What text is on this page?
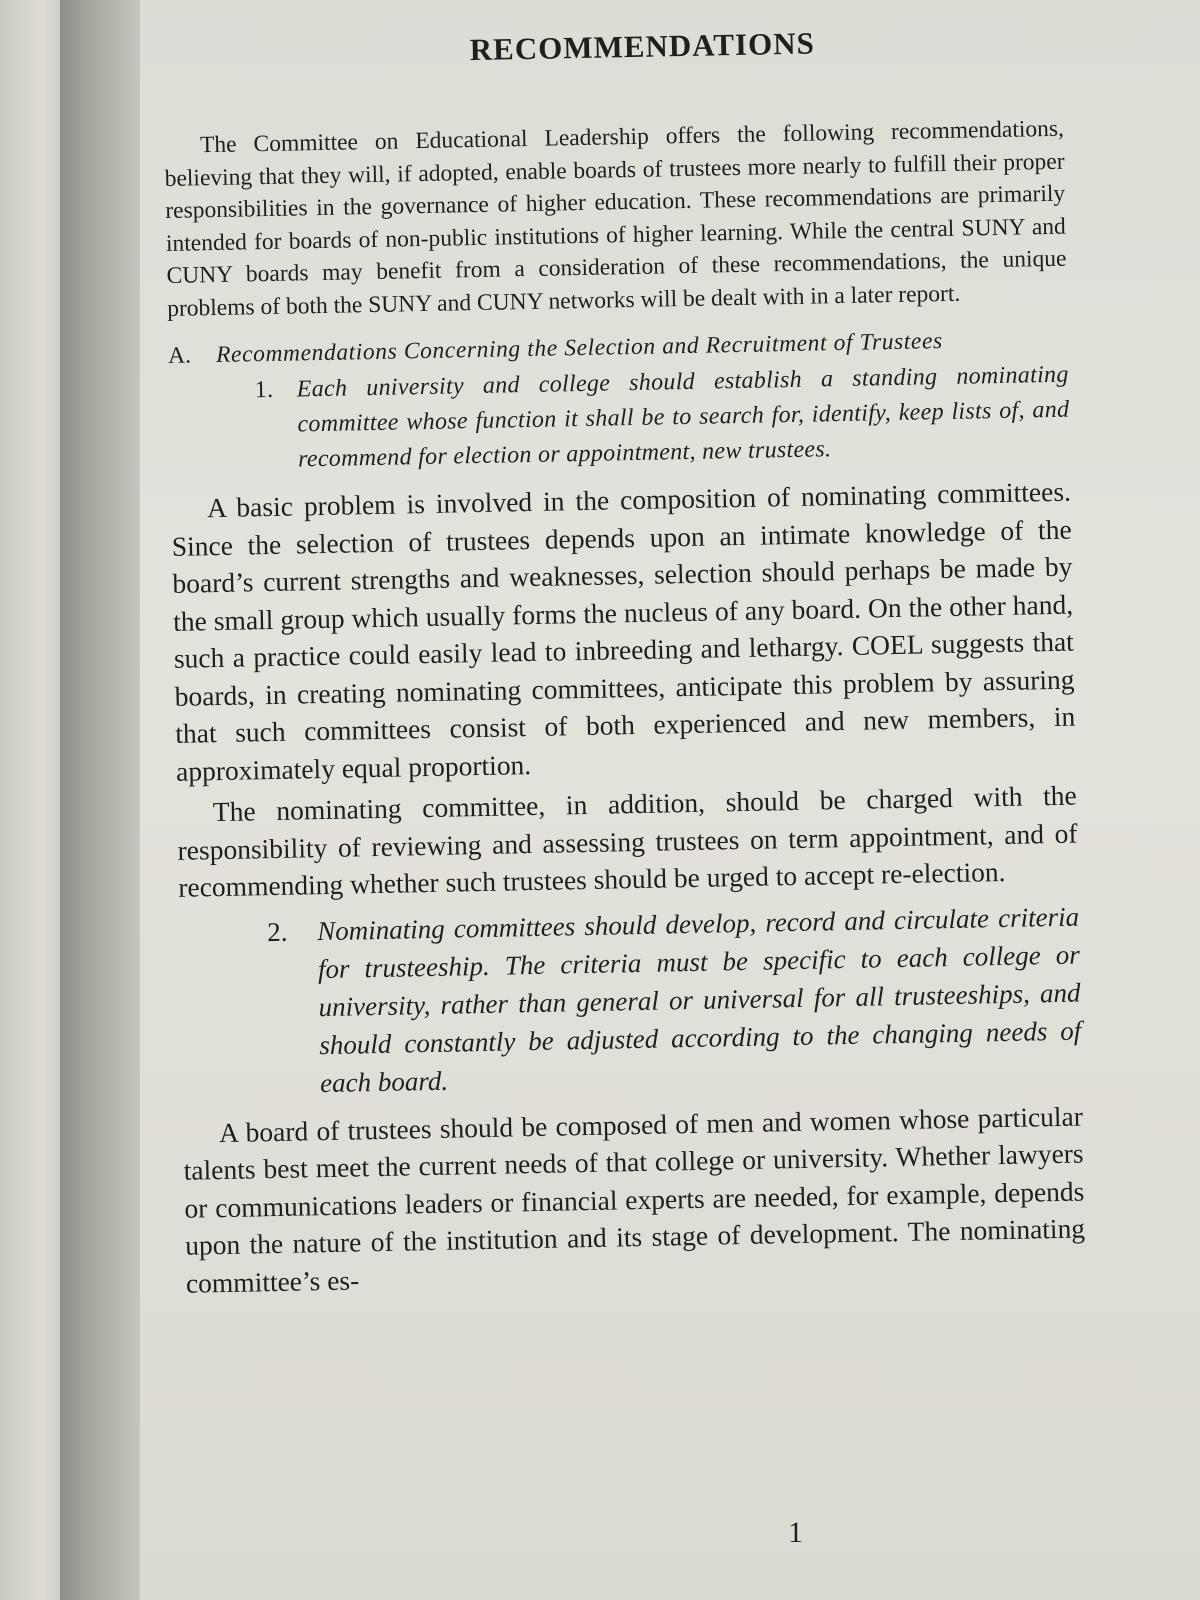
RECOMMENDATIONS

The Committee on Educational Leadership offers the following recommendations, believing that they will, if adopted, enable boards of trustees more nearly to fulfill their proper responsibilities in the governance of higher education. These recommendations are primarily intended for boards of non-public institutions of higher learning. While the central SUNY and CUNY boards may benefit from a consideration of these recommendations, the unique problems of both the SUNY and CUNY networks will be dealt with in a later report.

A. Recommendations Concerning the Selection and Recruitment of Trustees
1. Each university and college should establish a standing nominating committee whose function it shall be to search for, identify, keep lists of, and recommend for election or appointment, new trustees.

A basic problem is involved in the composition of nominating committees. Since the selection of trustees depends upon an intimate knowledge of the board’s current strengths and weaknesses, selection should perhaps be made by the small group which usually forms the nucleus of any board. On the other hand, such a practice could easily lead to inbreeding and lethargy. COEL suggests that boards, in creating nominating committees, anticipate this problem by assuring that such committees consist of both experienced and new members, in approximately equal proportion.

The nominating committee, in addition, should be charged with the responsibility of reviewing and assessing trustees on term appointment, and of recommending whether such trustees should be urged to accept re-election.

2. Nominating committees should develop, record and circulate criteria for trusteeship. The criteria must be specific to each college or university, rather than general or universal for all trusteeships, and should constantly be adjusted according to the changing needs of each board.

A board of trustees should be composed of men and women whose particular talents best meet the current needs of that college or university. Whether lawyers or communications leaders or financial experts are needed, for example, depends upon the nature of the institution and its stage of development. The nominating committee’s es-

1
